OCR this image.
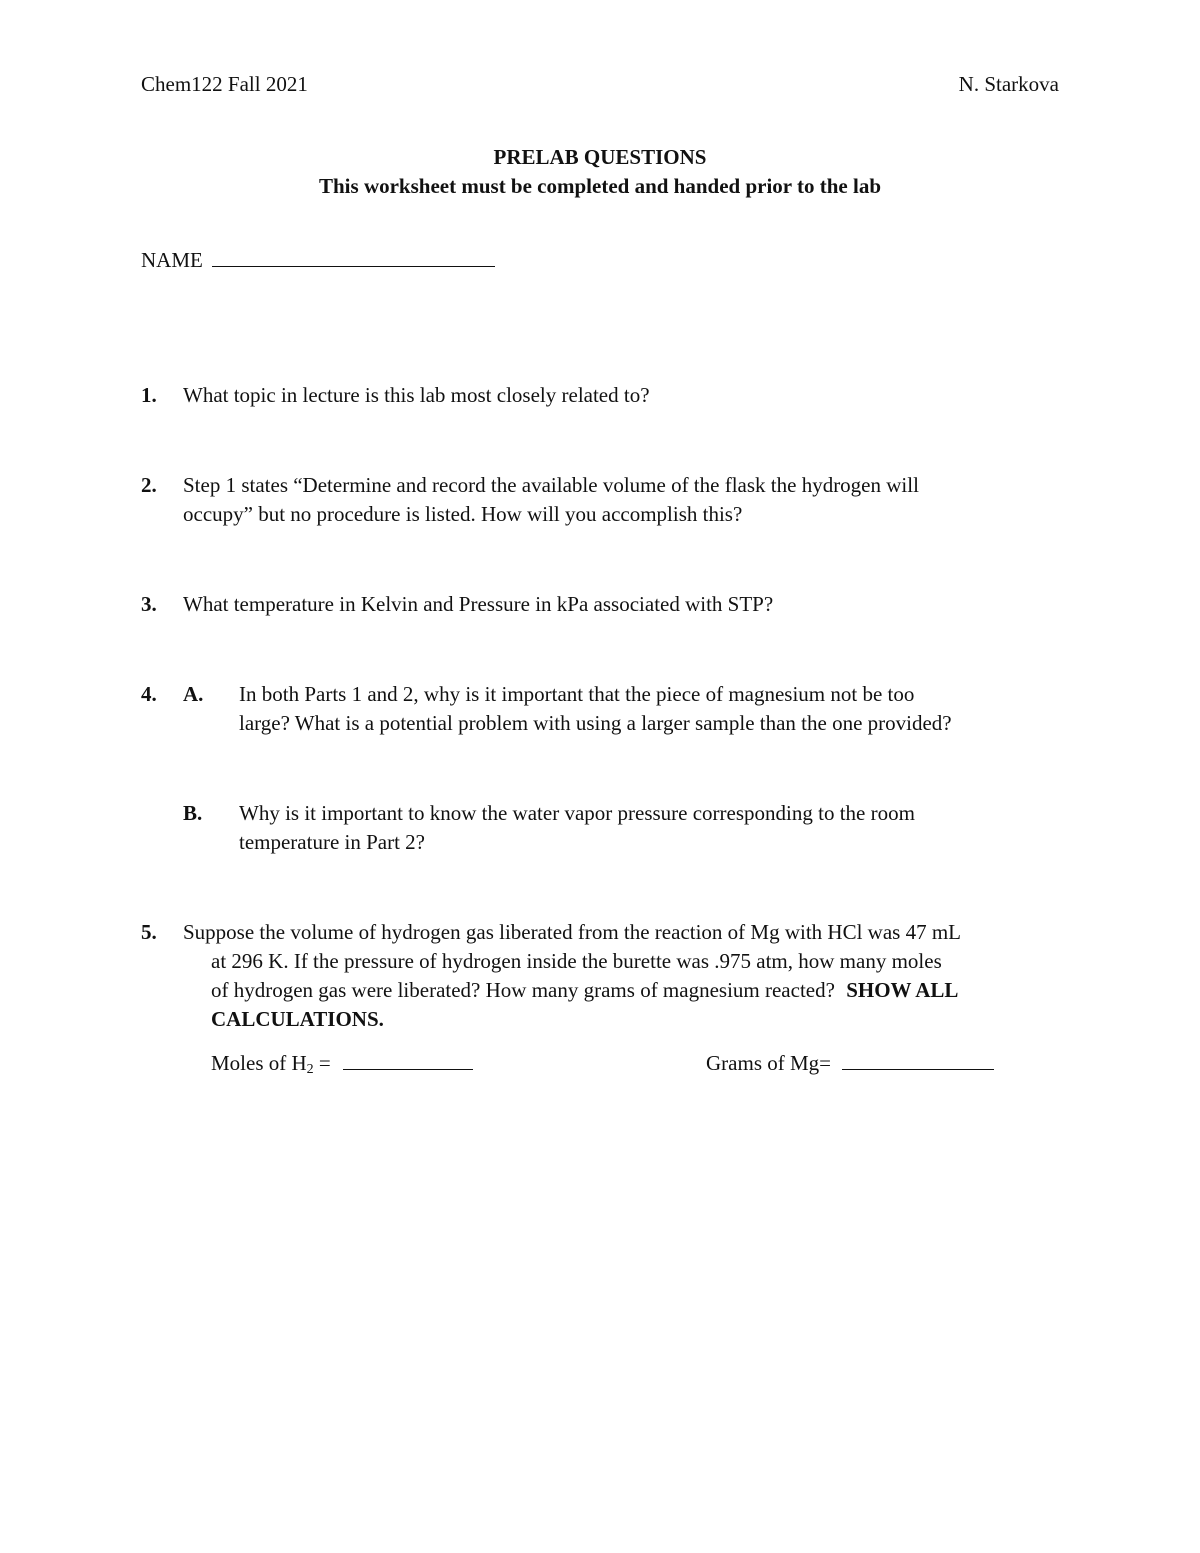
Chem122 Fall 2021	N. Starkova
PRELAB QUESTIONS
This worksheet must be completed and handed prior to the lab
NAME
1. What topic in lecture is this lab most closely related to?
2. Step 1 states “Determine and record the available volume of the flask the hydrogen will
occupy” but no procedure is listed. How will you accomplish this?
3. What temperature in Kelvin and Pressure in kPa associated with STP?
4. A. In both Parts 1 and 2, why is it important that the piece of magnesium not be too
large? What is a potential problem with using a larger sample than the one provided?
B. Why is it important to know the water vapor pressure corresponding to the room
temperature in Part 2?
5. Suppose the volume of hydrogen gas liberated from the reaction of Mg with HCl was 47 mL
at 296 K. If the pressure of hydrogen inside the burette was .975 atm, how many moles
of hydrogen gas were liberated? How many grams of magnesium reacted? SHOW ALL
CALCULATIONS.
Moles of $H_2$ =	Grams of Mg=
